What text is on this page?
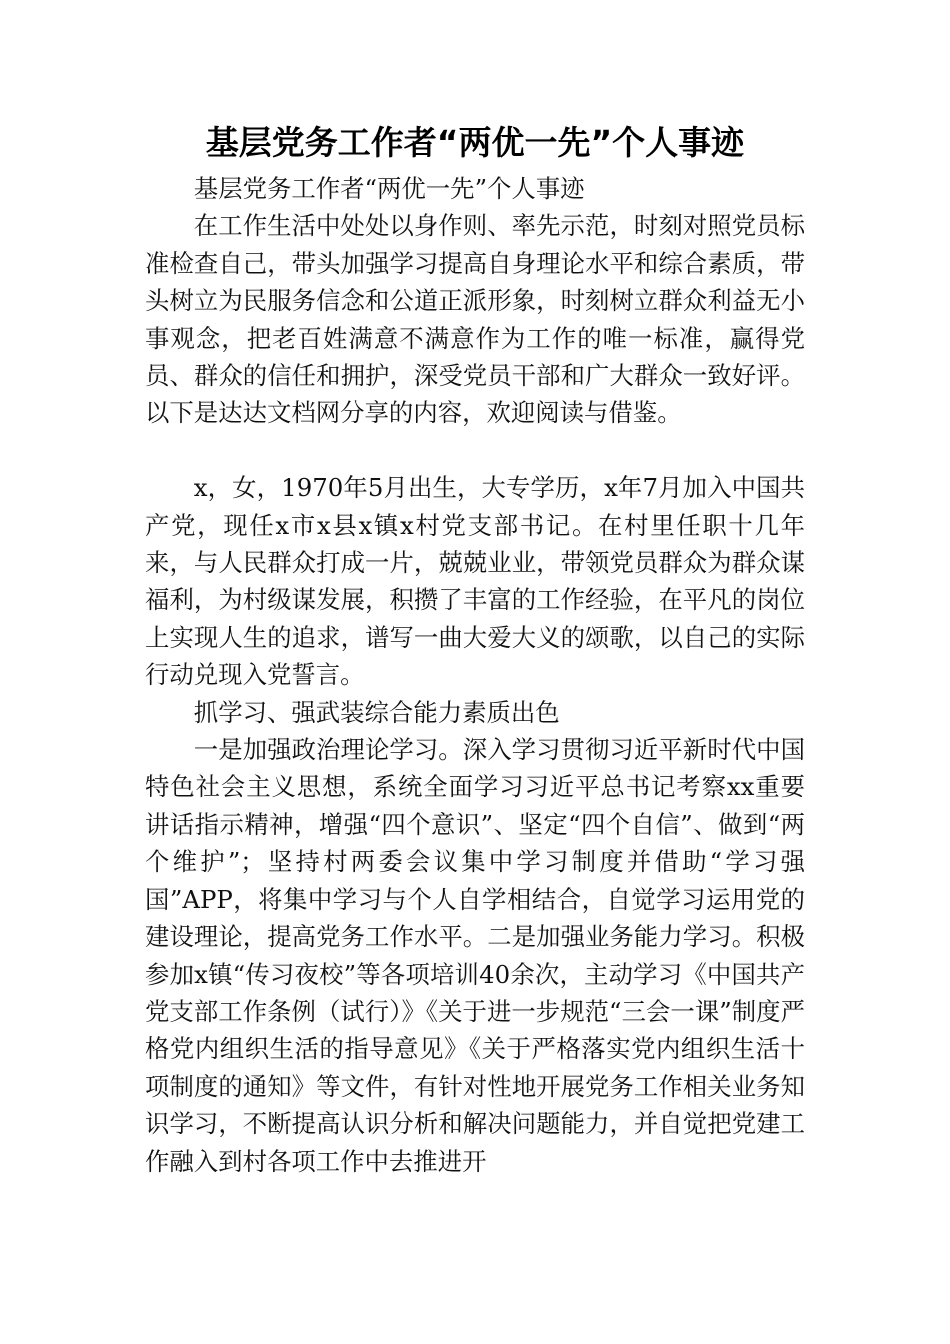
基层党务工作者“两优一先”个人事迹

基层党务工作者“两优一先”个人事迹

在工作生活中处处以身作则、率先示范，时刻对照党员标准检查自己，带头加强学习提高自身理论水平和综合素质，带头树立为民服务信念和公道正派形象，时刻树立群众利益无小事观念，把老百姓满意不满意作为工作的唯一标准，赢得党员、群众的信任和拥护，深受党员干部和广大群众一致好评。以下是达达文档网分享的内容，欢迎阅读与借鉴。

x，女，1970年5月出生，大专学历，x年7月加入中国共产党，现任x市x县x镇x村党支部书记。在村里任职十几年来，与人民群众打成一片，兢兢业业，带领党员群众为群众谋福利，为村级谋发展，积攒了丰富的工作经验，在平凡的岗位上实现人生的追求，谱写一曲大爱大义的颂歌，以自己的实际行动兑现入党誓言。

抓学习、强武装综合能力素质出色

一是加强政治理论学习。深入学习贯彻习近平新时代中国特色社会主义思想，系统全面学习习近平总书记考察xx重要讲话指示精神，增强“四个意识”、坚定“四个自信”、做到“两个维护”；坚持村两委会议集中学习制度并借助“学习强国”APP，将集中学习与个人自学相结合，自觉学习运用党的建设理论，提高党务工作水平。二是加强业务能力学习。积极参加x镇“传习夜校”等各项培训40余次，主动学习《中国共产党支部工作条例（试行）》《关于进一步规范“三会一课”制度严格党内组织生活的指导意见》《关于严格落实党内组织生活十项制度的通知》等文件，有针对性地开展党务工作相关业务知识学习，不断提高认识分析和解决问题能力，并自觉把党建工作融入到村各项工作中去推进开
